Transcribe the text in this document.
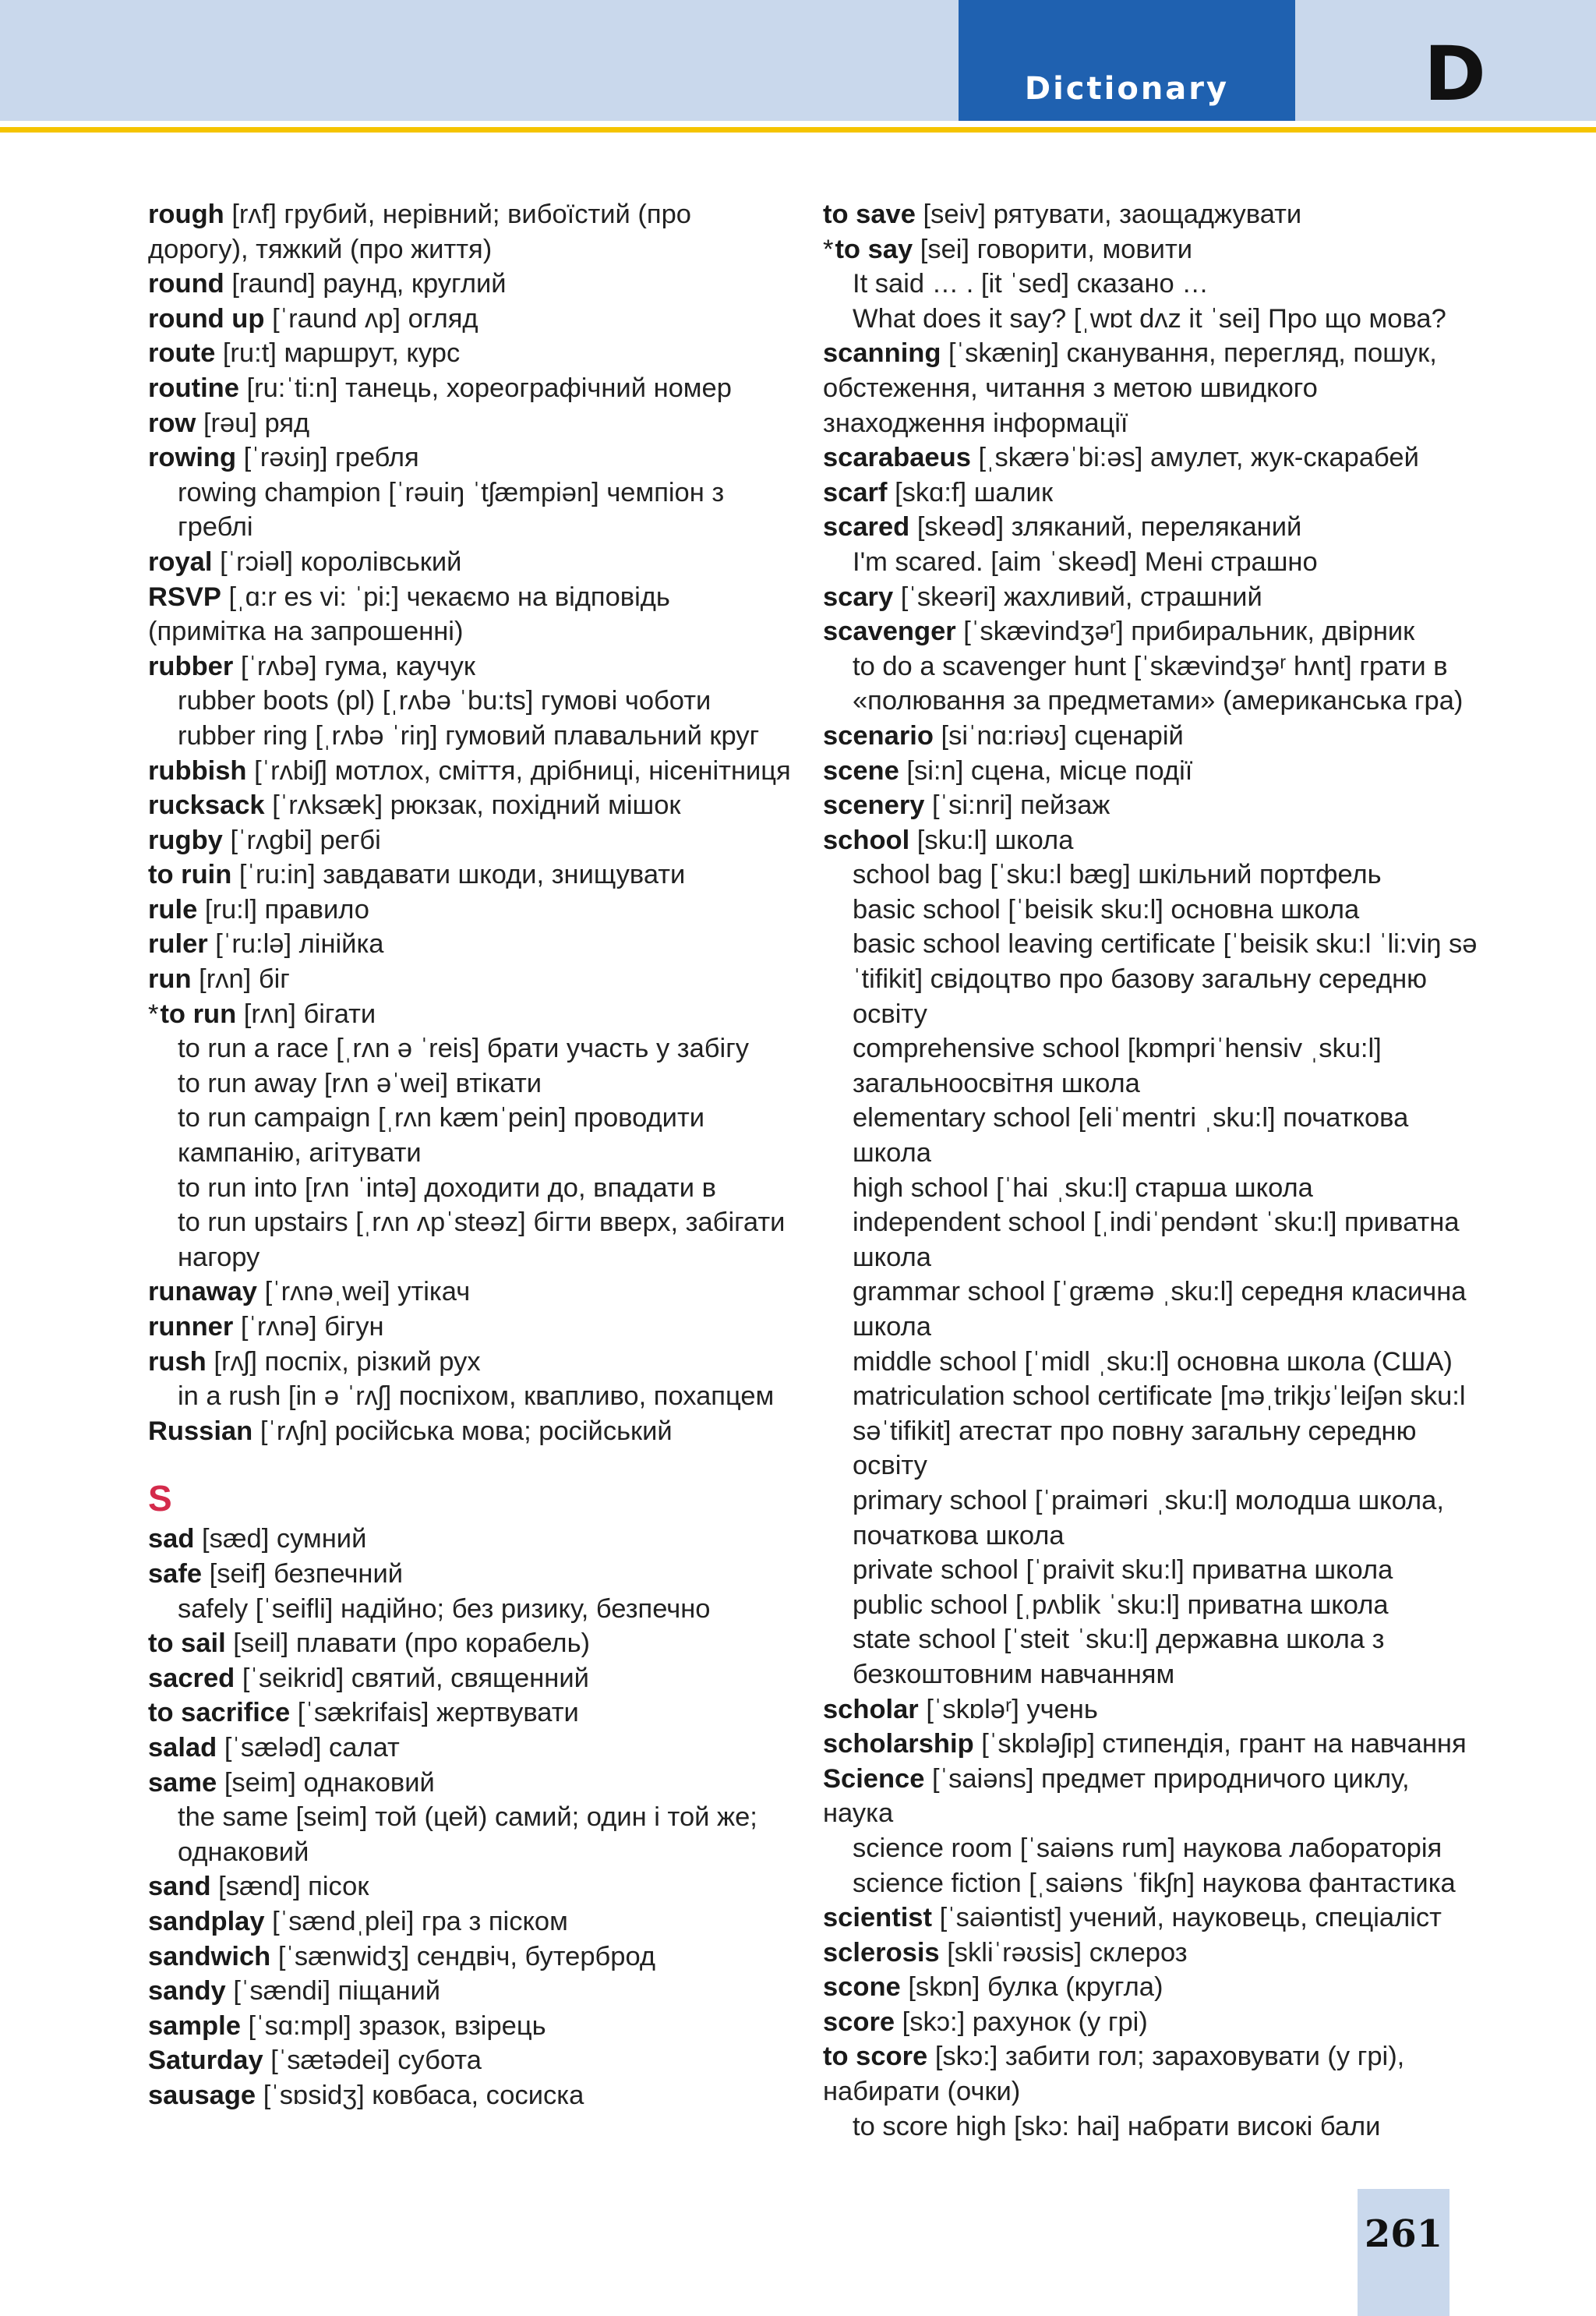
Dictionary	D
rough [rʌf] грубий, нерівний; вибоїстий (про дорогу), тяжкий (про життя)
round [raund] раунд, круглий
round up [ˈraund ʌp] огляд
route [ru:t] маршрут, курс
routine [ru:ˈti:n] танець, хореографічний номер
row [rəu] ряд
rowing [ˈrəʊiŋ] гребля
rowing champion [ˈrəuiŋ ˈtʃæmpiən] чемпіон з греблі
royal [ˈrɔiəl] королівський
RSVP [ˌɑ:r es vi: ˈpi:] чекаємо на відповідь (примітка на запрошенні)
rubber [ˈrʌbə] гума, каучук
rubber boots (pl) [ˌrʌbə ˈbu:ts] гумові чоботи
rubber ring [ˌrʌbə ˈriŋ] гумовий плавальний круг
rubbish [ˈrʌbiʃ] мотлох, сміття, дрібниці, нісенітниця
rucksack [ˈrʌksæk] рюкзак, похідний мішок
rugby [ˈrʌgbi] регбі
to ruin [ˈru:in] завдавати шкоди, знищувати
rule [ru:l] правило
ruler [ˈru:lə] лінійка
run [rʌn] біг
*to run [rʌn] бігати
to run a race [ˌrʌn ə ˈreis] брати участь у забігу
to run away [rʌn əˈwei] втікати
to run campaign [ˌrʌn kæmˈpein] проводити кампанію, агітувати
to run into [rʌn ˈintə] доходити до, впадати в
to run upstairs [ˌrʌn ʌpˈsteəz] бігти вверх, забігати нагору
runaway [ˈrʌnəˌwei] утікач
runner [ˈrʌnə] бігун
rush [rʌʃ] поспіх, різкий рух
in a rush [in ə ˈrʌʃ] поспіхом, квапливо, похапцем
Russian [ˈrʌʃn] російська мова; російський
S
sad [sæd] сумний
safe [seif] безпечний
safely [ˈseifli] надійно; без ризику, безпечно
to sail [seil] плавати (про корабель)
sacred [ˈseikrid] святий, священний
to sacrifice [ˈsækrifais] жертвувати
salad [ˈsæləd] салат
same [seim] однаковий
the same [seim] той (цей) самий; один і той же; однаковий
sand [sænd] пісок
sandplay [ˈsændˌplei] гра з піском
sandwich [ˈsænwidʒ] сендвіч, бутерброд
sandy [ˈsændi] піщаний
sample [ˈsɑ:mpl] зразок, взірець
Saturday [ˈsætədei] субота
sausage [ˈsɒsidʒ] ковбаса, сосиска
to save [seiv] рятувати, заощаджувати
*to say [sei] говорити, мовити
It said … . [it ˈsed] сказано …
What does it say? [ˌwɒt dʌz it ˈsei] Про що мова?
scanning [ˈskæniŋ] сканування, перегляд, пошук, обстеження, читання з метою швидкого знаходження інформації
scarabaeus [ˌskærəˈbi:əs] амулет, жук-скарабей
scarf [skɑ:f] шалик
scared [skeəd] зляканий, переляканий
I'm scared. [aim ˈskeəd] Мені страшно
scary [ˈskeəri] жахливий, страшний
scavenger [ˈskævindʒəʳ] прибиральник, двірник
to do a scavenger hunt [ˈskævindʒəʳ hʌnt] грати в «полювання за предметами» (американська гра)
scenario [siˈnɑ:riəʊ] сценарій
scene [si:n] сцена, місце події
scenery [ˈsi:nri] пейзаж
school [sku:l] школа
school bag [ˈsku:l bæg] шкільний портфель
basic school [ˈbeisik sku:l] основна школа
basic school leaving certificate [ˈbeisik sku:l ˈli:viŋ səˈtifikit] свідоцтво про базову загальну середню освіту
comprehensive school [kɒmpriˈhensiv ˌsku:l] загальноосвітня школа
elementary school [eliˈmentri ˌsku:l] початкова школа
high school [ˈhai ˌsku:l] старша школа
independent school [ˌindiˈpendənt ˈsku:l] приватна школа
grammar school [ˈgræmə ˌsku:l] середня класична школа
middle school [ˈmidl ˌsku:l] основна школа (США)
matriculation school certificate [məˌtrikjʊˈleiʃən sku:l səˈtifikit] атестат про повну загальну середню освіту
primary school [ˈpraiməri ˌsku:l] молодша школа, початкова школа
private school [ˈpraivit sku:l] приватна школа
public school [ˌpʌblik ˈsku:l] приватна школа
state school [ˈsteit ˈsku:l] державна школа з безкоштовним навчанням
scholar [ˈskɒləʳ] учень
scholarship [ˈskɒləʃip] стипендія, грант на навчання
Science [ˈsaiəns] предмет природничого циклу, наука
science room [ˈsaiəns rum] наукова лабораторія
science fiction [ˌsaiəns ˈfikʃn] наукова фантастика
scientist [ˈsaiəntist] учений, науковець, спеціаліст
sclerosis [skliˈrəʊsis] склероз
scone [skɒn] булка (кругла)
score [skɔ:] рахунок (у грі)
to score [skɔ:] забити гол; зараховувати (у грі), набирати (очки)
to score high [skɔ: hai] набрати високі бали
261
